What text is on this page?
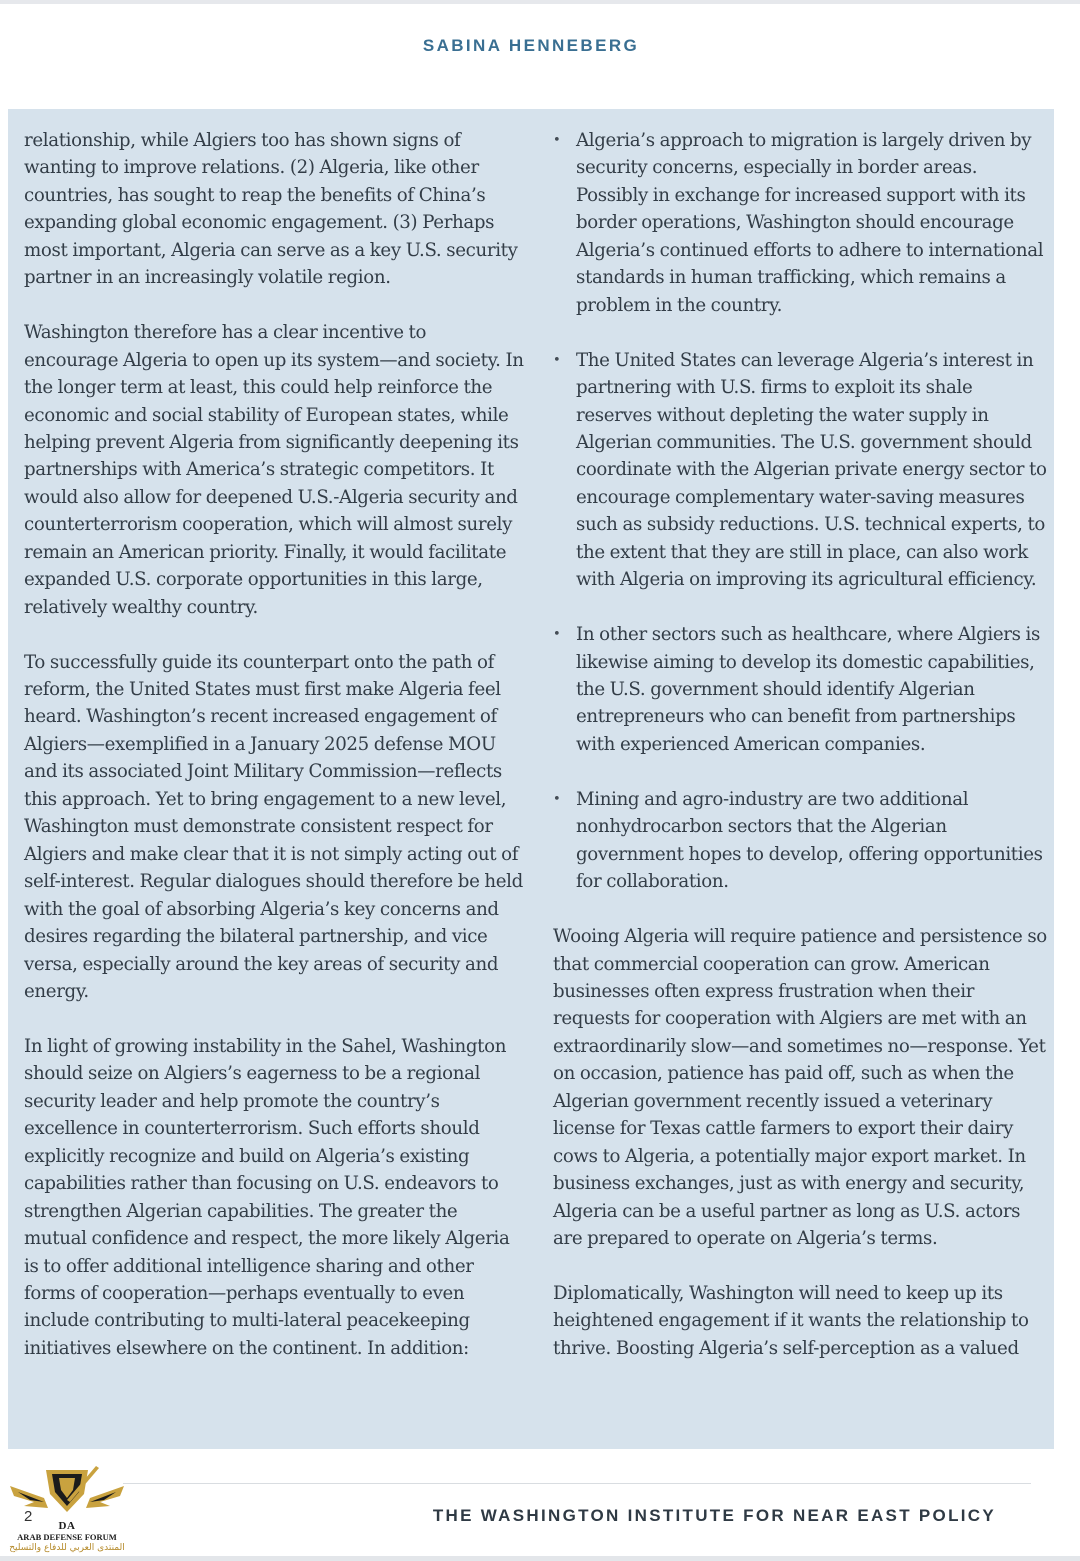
SABINA HENNEBERG

relationship, while Algiers too has shown signs of wanting to improve relations. (2) Algeria, like other countries, has sought to reap the benefits of China’s expanding global economic engagement. (3) Perhaps most important, Algeria can serve as a key U.S. security partner in an increasingly volatile region.

Washington therefore has a clear incentive to encourage Algeria to open up its system—and society. In the longer term at least, this could help reinforce the economic and social stability of European states, while helping prevent Algeria from significantly deepening its partnerships with America’s strategic competitors. It would also allow for deepened U.S.-Algeria security and counterterrorism cooperation, which will almost surely remain an American priority. Finally, it would facilitate expanded U.S. corporate opportunities in this large, relatively wealthy country.

To successfully guide its counterpart onto the path of reform, the United States must first make Algeria feel heard. Washington’s recent increased engagement of Algiers—exemplified in a January 2025 defense MOU and its associated Joint Military Commission—reflects this approach. Yet to bring engagement to a new level, Washington must demonstrate consistent respect for Algiers and make clear that it is not simply acting out of self-interest. Regular dialogues should therefore be held with the goal of absorbing Algeria’s key concerns and desires regarding the bilateral partnership, and vice versa, especially around the key areas of security and energy.

In light of growing instability in the Sahel, Washington should seize on Algiers’s eagerness to be a regional security leader and help promote the country’s excellence in counterterrorism. Such efforts should explicitly recognize and build on Algeria’s existing capabilities rather than focusing on U.S. endeavors to strengthen Algerian capabilities. The greater the mutual confidence and respect, the more likely Algeria is to offer additional intelligence sharing and other forms of cooperation—perhaps eventually to even include contributing to multi-lateral peacekeeping initiatives elsewhere on the continent. In addition:

• Algeria’s approach to migration is largely driven by security concerns, especially in border areas. Possibly in exchange for increased support with its border operations, Washington should encourage Algeria’s continued efforts to adhere to international standards in human trafficking, which remains a problem in the country.
• The United States can leverage Algeria’s interest in partnering with U.S. firms to exploit its shale reserves without depleting the water supply in Algerian communities. The U.S. government should coordinate with the Algerian private energy sector to encourage complementary water-saving measures such as subsidy reductions. U.S. technical experts, to the extent that they are still in place, can also work with Algeria on improving its agricultural efficiency.
• In other sectors such as healthcare, where Algiers is likewise aiming to develop its domestic capabilities, the U.S. government should identify Algerian entrepreneurs who can benefit from partnerships with experienced American companies.
• Mining and agro-industry are two additional nonhydrocarbon sectors that the Algerian government hopes to develop, offering opportunities for collaboration.

Wooing Algeria will require patience and persistence so that commercial cooperation can grow. American businesses often express frustration when their requests for cooperation with Algiers are met with an extraordinarily slow—and sometimes no—response. Yet on occasion, patience has paid off, such as when the Algerian government recently issued a veterinary license for Texas cattle farmers to export their dairy cows to Algeria, a potentially major export market. In business exchanges, just as with energy and security, Algeria can be a useful partner as long as U.S. actors are prepared to operate on Algeria’s terms.

Diplomatically, Washington will need to keep up its heightened engagement if it wants the relationship to thrive. Boosting Algeria’s self-perception as a valued

2
DA
ARAB DEFENSE FORUM
المنتدى العربي للدفاع والتسليح
THE WASHINGTON INSTITUTE FOR NEAR EAST POLICY
